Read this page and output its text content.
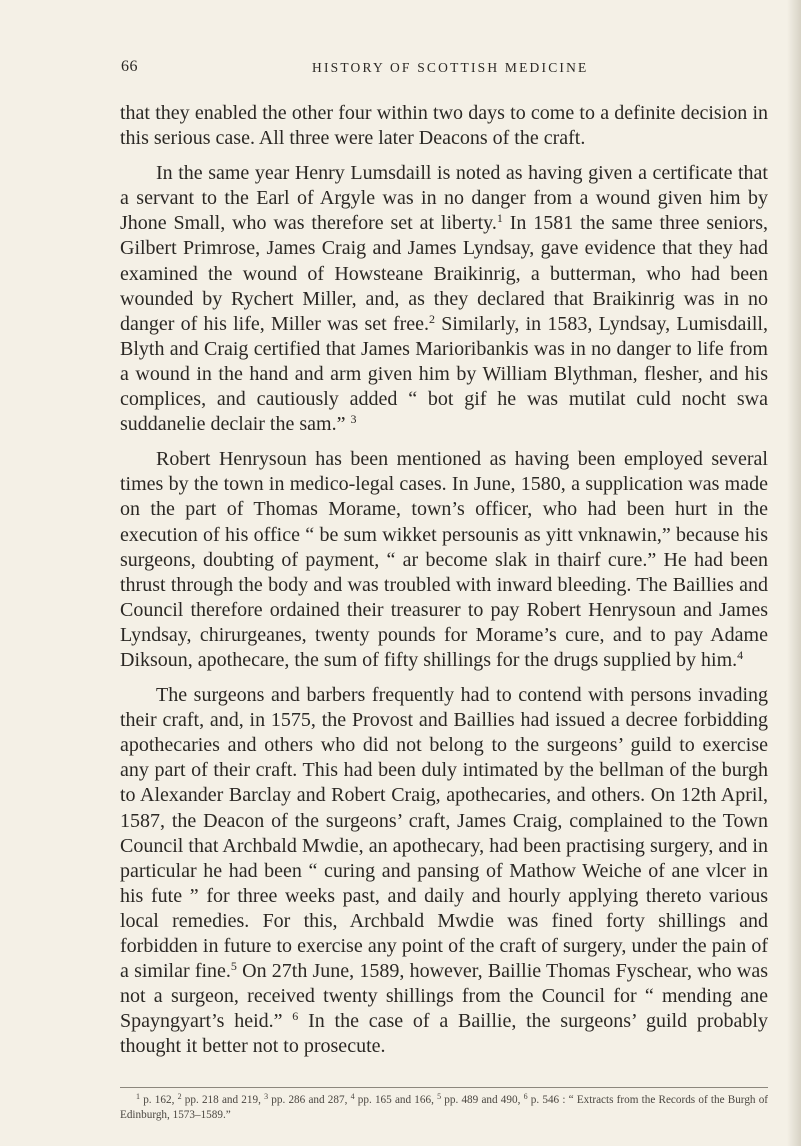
66	HISTORY OF SCOTTISH MEDICINE

that they enabled the other four within two days to come to a definite decision in this serious case. All three were later Deacons of the craft.

In the same year Henry Lumsdaill is noted as having given a certificate that a servant to the Earl of Argyle was in no danger from a wound given him by Jhone Small, who was therefore set at liberty.$^1$ In 1581 the same three seniors, Gilbert Primrose, James Craig and James Lyndsay, gave evidence that they had examined the wound of Howsteane Braikinrig, a butterman, who had been wounded by Rychert Miller, and, as they declared that Braikinrig was in no danger of his life, Miller was set free.$^2$ Similarly, in 1583, Lyndsay, Lumisdaill, Blyth and Craig certified that James Marioribankis was in no danger to life from a wound in the hand and arm given him by William Blythman, flesher, and his complices, and cautiously added “ bot gif he was mutilat culd nocht swa suddanelie declair the sam.” $^3$

Robert Henrysoun has been mentioned as having been employed several times by the town in medico-legal cases. In June, 1580, a supplication was made on the part of Thomas Morame, town’s officer, who had been hurt in the execution of his office “ be sum wikket persounis as yitt vnknawin,” because his surgeons, doubting of payment, “ ar become slak in thairf cure.” He had been thrust through the body and was troubled with inward bleeding. The Baillies and Council therefore ordained their treasurer to pay Robert Henrysoun and James Lyndsay, chirurgeanes, twenty pounds for Morame’s cure, and to pay Adame Diksoun, apothecare, the sum of fifty shillings for the drugs supplied by him.$^4$

The surgeons and barbers frequently had to contend with persons invading their craft, and, in 1575, the Provost and Baillies had issued a decree forbidding apothecaries and others who did not belong to the surgeons’ guild to exercise any part of their craft. This had been duly intimated by the bellman of the burgh to Alexander Barclay and Robert Craig, apothecaries, and others. On 12th April, 1587, the Deacon of the surgeons’ craft, James Craig, complained to the Town Council that Archbald Mwdie, an apothecary, had been practising surgery, and in particular he had been “ curing and pansing of Mathow Weiche of ane vlcer in his fute ” for three weeks past, and daily and hourly applying thereto various local remedies. For this, Archbald Mwdie was fined forty shillings and forbidden in future to exercise any point of the craft of surgery, under the pain of a similar fine.$^5$ On 27th June, 1589, however, Baillie Thomas Fyschear, who was not a surgeon, received twenty shillings from the Council for “ mending ane Spayngyart’s heid.” $^6$ In the case of a Baillie, the surgeons’ guild probably thought it better not to prosecute.

$^1$ p. 162, $^2$ pp. 218 and 219, $^3$ pp. 286 and 287, $^4$ pp. 165 and 166, $^5$ pp. 489 and 490, $^6$ p. 546 : “ Extracts from the Records of the Burgh of Edinburgh, 1573–1589.”
